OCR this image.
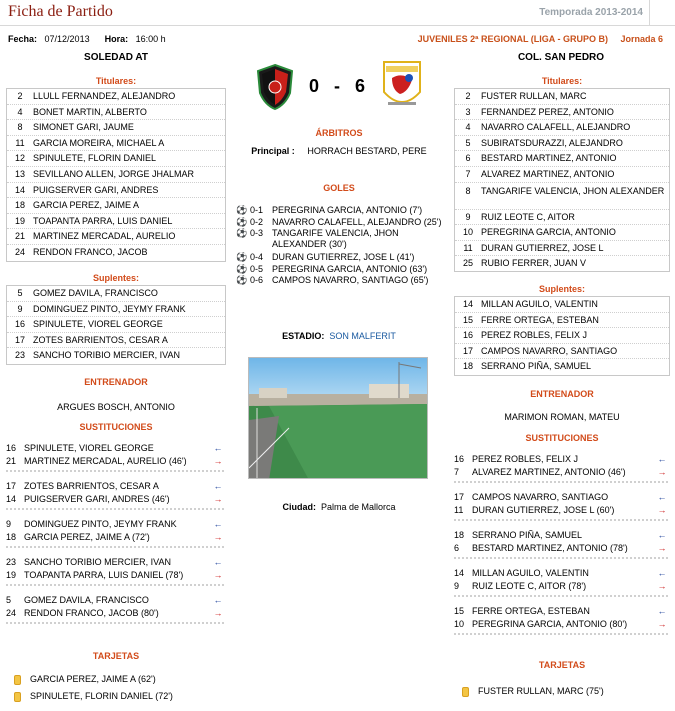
Ficha de Partido	Temporada 2013-2014
Fecha: 07/12/2013 Hora: 16:00 h	JUVENILES 2ª REGIONAL (LIGA - GRUPO B) Jornada 6
SOLEDAD AT	COL. SAN PEDRO
0 - 6
Titulares:
2	LLULL FERNANDEZ, ALEJANDRO
4	BONET MARTIN, ALBERTO
8	SIMONET GARI, JAUME
11 GARCIA MOREIRA, MICHAEL A
12 SPINULETE, FLORIN DANIEL
13 SEVILLANO ALLEN, JORGE JHALMAR
14 PUIGSERVER GARI, ANDRES
18 GARCIA PEREZ, JAIME A
19 TOAPANTA PARRA, LUIS DANIEL
21 MARTINEZ MERCADAL, AURELIO
24 RENDON FRANCO, JACOB
Suplentes:
5	GOMEZ DAVILA, FRANCISCO
9	DOMINGUEZ PINTO, JEYMY FRANK
16 SPINULETE, VIOREL GEORGE
17 ZOTES BARRIENTOS, CESAR A
23 SANCHO TORIBIO MERCIER, IVAN
ENTRENADOR
ARGUES BOSCH, ANTONIO
SUSTITUCIONES
16 SPINULETE, VIOREL GEORGE	←
21 MARTINEZ MERCADAL, AURELIO (46')	→
17 ZOTES BARRIENTOS, CESAR A	←
14 PUIGSERVER GARI, ANDRES (46')	→
9	DOMINGUEZ PINTO, JEYMY FRANK	←
18 GARCIA PEREZ, JAIME A (72')	→
23 SANCHO TORIBIO MERCIER, IVAN	←
19 TOAPANTA PARRA, LUIS DANIEL (78')	→
5	GOMEZ DAVILA, FRANCISCO	←
24 RENDON FRANCO, JACOB (80')	→
TARJETAS
GARCIA PEREZ, JAIME A (62')
SPINULETE, FLORIN DANIEL (72')
Titulares:
2	FUSTER RULLAN, MARC
3	FERNANDEZ PEREZ, ANTONIO
4	NAVARRO CALAFELL, ALEJANDRO
5	SUBIRATSDURAZZI, ALEJANDRO
6	BESTARD MARTINEZ, ANTONIO
7	ALVAREZ MARTINEZ, ANTONIO
8	TANGARIFE VALENCIA, JHON ALEXANDER
9	RUIZ LEOTE C, AITOR
10 PEREGRINA GARCIA, ANTONIO
11 DURAN GUTIERREZ, JOSE L
25 RUBIO FERRER, JUAN V
Suplentes:
14 MILLAN AGUILO, VALENTIN
15 FERRE ORTEGA, ESTEBAN
16 PEREZ ROBLES, FELIX J
17 CAMPOS NAVARRO, SANTIAGO
18 SERRANO PIÑA, SAMUEL
ENTRENADOR
MARIMON ROMAN, MATEU
SUSTITUCIONES
16 PEREZ ROBLES, FELIX J	←
7	ALVAREZ MARTINEZ, ANTONIO (46')	→
17 CAMPOS NAVARRO, SANTIAGO	←
11 DURAN GUTIERREZ, JOSE L (60')	→
18 SERRANO PIÑA, SAMUEL	←
6	BESTARD MARTINEZ, ANTONIO (78')	→
14 MILLAN AGUILO, VALENTIN	←
9	RUIZ LEOTE C, AITOR (78')	→
15 FERRE ORTEGA, ESTEBAN	←
10 PEREGRINA GARCIA, ANTONIO (80')	→
TARJETAS
FUSTER RULLAN, MARC (75')
ÁRBITROS
Principal : HORRACH BESTARD, PERE
GOLES
⚽ 0-1 PEREGRINA GARCIA, ANTONIO (7')
⚽ 0-2 NAVARRO CALAFELL, ALEJANDRO (25')
⚽ 0-3 TANGARIFE VALENCIA, JHON ALEXANDER (30')
⚽ 0-4 DURAN GUTIERREZ, JOSE L (41')
⚽ 0-5 PEREGRINA GARCIA, ANTONIO (63')
⚽ 0-6 CAMPOS NAVARRO, SANTIAGO (65')
ESTADIO: SON MALFERIT
Ciudad: Palma de Mallorca
